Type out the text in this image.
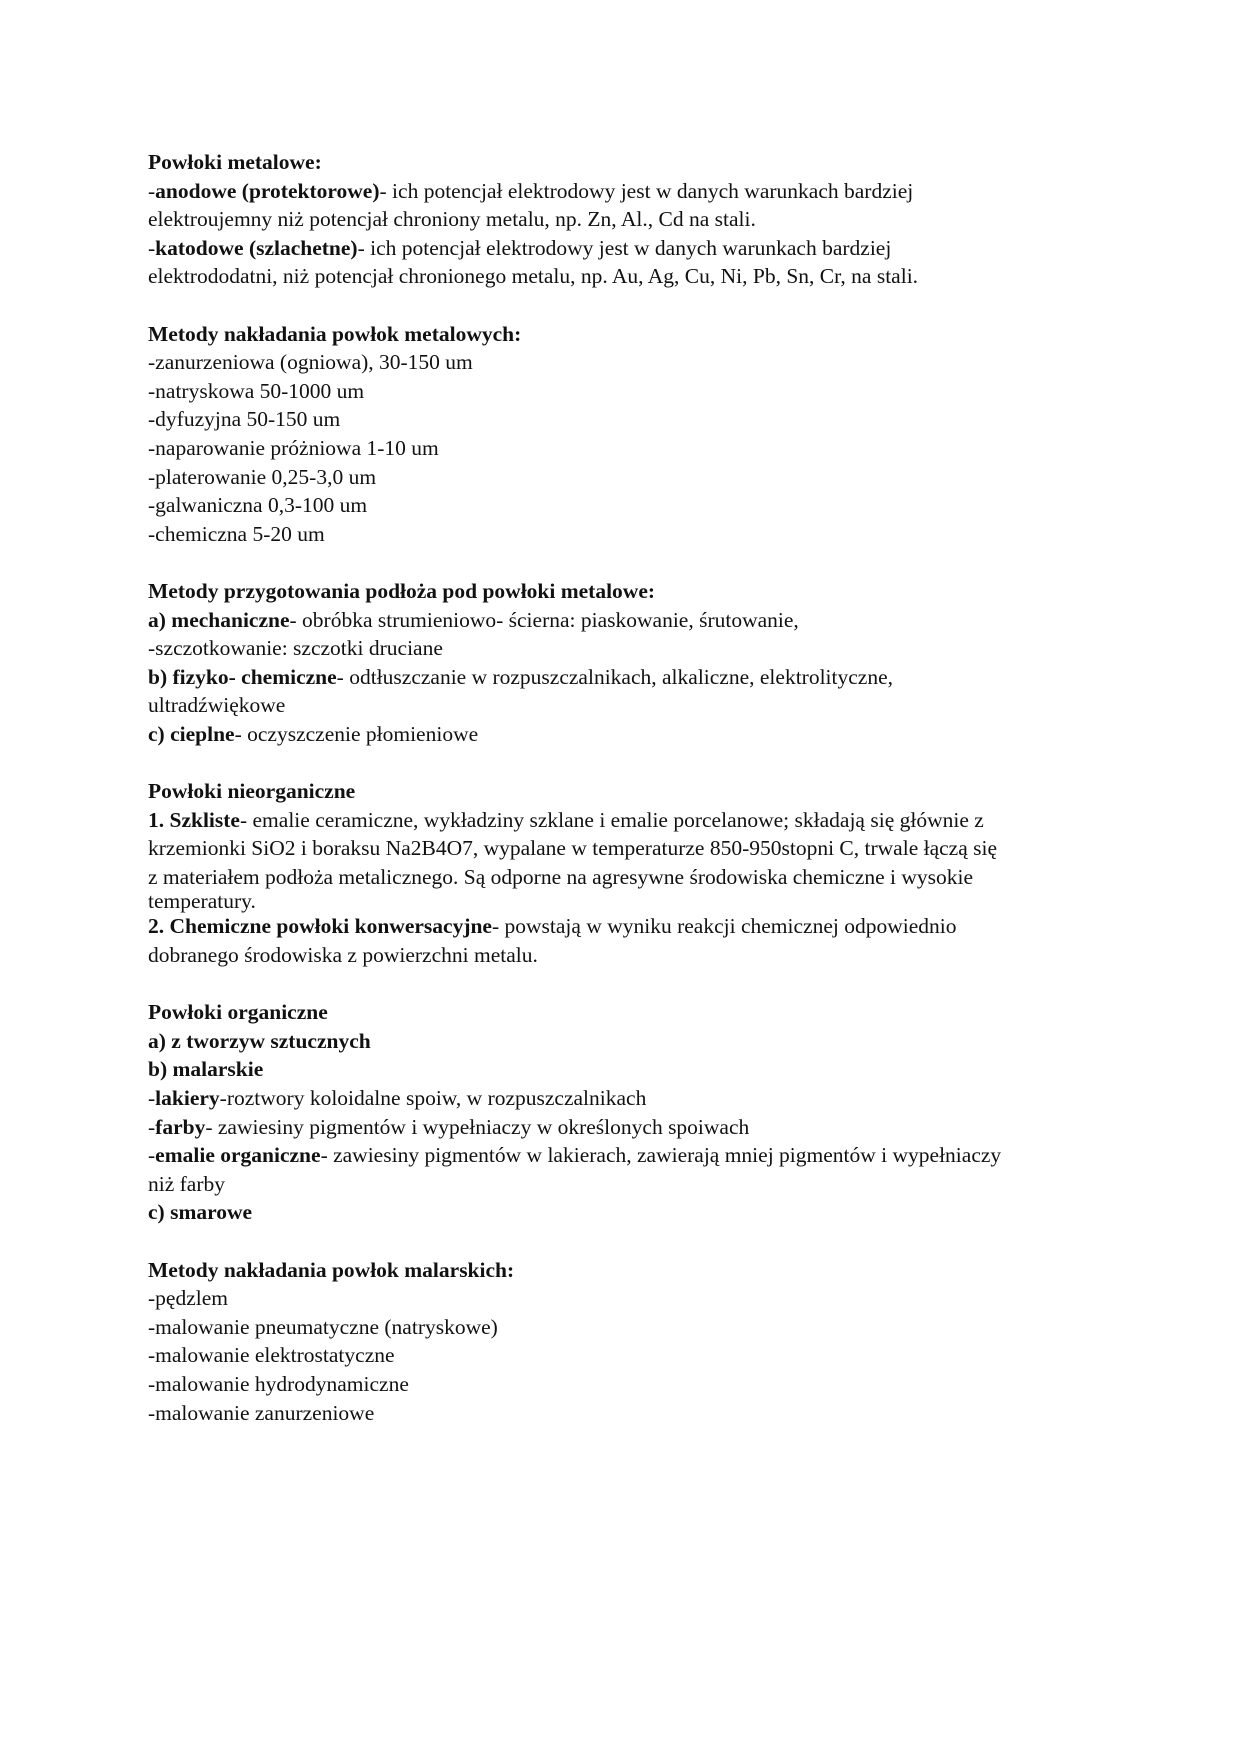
Powłoki metalowe:
-anodowe (protektorowe)- ich potencjał elektrodowy jest w danych warunkach bardziej
elektroujemny niż potencjał chroniony metalu, np. Zn, Al., Cd na stali.
-katodowe (szlachetne)- ich potencjał elektrodowy jest w danych warunkach bardziej
elektrododatni, niż potencjał chronionego metalu, np. Au, Ag, Cu, Ni, Pb, Sn, Cr, na stali.
Metody nakładania powłok metalowych:
-zanurzeniowa (ogniowa), 30-150 um
-natryskowa 50-1000 um
-dyfuzyjna 50-150 um
-naparowanie próżniowa 1-10 um
-platerowanie 0,25-3,0 um
-galwaniczna 0,3-100 um
-chemiczna 5-20 um
Metody przygotowania podłoża pod powłoki metalowe:
a) mechaniczne- obróbka strumieniowo- ścierna: piaskowanie, śrutowanie,
-szczotkowanie: szczotki druciane
b) fizyko- chemiczne- odtłuszczanie w rozpuszczalnikach, alkaliczne, elektrolityczne,
ultradźwiękowe
c) cieplne- oczyszczenie płomieniowe
Powłoki nieorganiczne
1. Szkliste- emalie ceramiczne, wykładziny szklane i emalie porcelanowe; składają się głównie z
krzemionki SiO2 i boraksu Na2B4O7, wypalane w temperaturze 850-950stopni C, trwale łączą się
z materiałem podłoża metalicznego. Są odporne na agresywne środowiska chemiczne i wysokie
temperatury.
2. Chemiczne powłoki konwersacyjne- powstają w wyniku reakcji chemicznej odpowiednio
dobranego środowiska z powierzchni metalu.
Powłoki organiczne
a) z tworzyw sztucznych
b) malarskie
-lakiery-roztwory koloidalne spoiw, w rozpuszczalnikach
-farby- zawiesiny pigmentów i wypełniaczy w określonych spoiwach
-emalie organiczne- zawiesiny pigmentów w lakierach, zawierają mniej pigmentów i wypełniaczy
niż farby
c) smarowe
Metody nakładania powłok malarskich:
-pędzlem
-malowanie pneumatyczne (natryskowe)
-malowanie elektrostatyczne
-malowanie hydrodynamiczne
-malowanie zanurzeniowe
